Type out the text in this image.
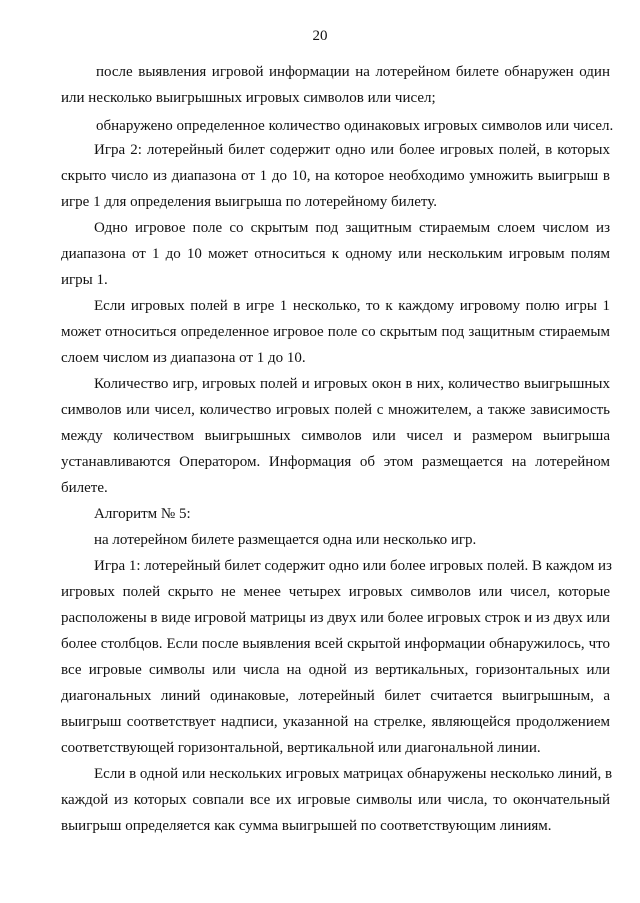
20
после выявления игровой информации на лотерейном билете обнаружен один
или несколько выигрышных игровых символов или чисел;
обнаружено определенное количество одинаковых игровых символов или чисел.
Игра 2: лотерейный билет содержит одно или более игровых полей, в которых
скрыто число из диапазона от 1 до 10, на которое необходимо умножить выигрыш в
игре 1 для определения выигрыша по лотерейному билету.
Одно игровое поле со скрытым под защитным стираемым слоем числом из
диапазона от 1 до 10 может относиться к одному или нескольким игровым полям
игры 1.
Если игровых полей в игре 1 несколько, то к каждому игровому полю игры 1
может относиться определенное игровое поле со скрытым под защитным стираемым
слоем числом из диапазона от 1 до 10.
Количество игр, игровых полей и игровых окон в них, количество выигрышных
символов или чисел, количество игровых полей с множителем, а также зависимость
между количеством выигрышных символов или чисел и размером выигрыша
устанавливаются Оператором. Информация об этом размещается на лотерейном
билете.
Алгоритм № 5:
на лотерейном билете размещается одна или несколько игр.
Игра 1: лотерейный билет содержит одно или более игровых полей. В каждом из
игровых полей скрыто не менее четырех игровых символов или чисел, которые
расположены в виде игровой матрицы из двух или более игровых строк и из двух или
более столбцов. Если после выявления всей скрытой информации обнаружилось, что
все игровые символы или числа на одной из вертикальных, горизонтальных или
диагональных линий одинаковые, лотерейный билет считается выигрышным, а
выигрыш соответствует надписи, указанной на стрелке, являющейся продолжением
соответствующей горизонтальной, вертикальной или диагональной линии.
Если в одной или нескольких игровых матрицах обнаружены несколько линий, в
каждой из которых совпали все их игровые символы или числа, то окончательный
выигрыш определяется как сумма выигрышей по соответствующим линиям.
